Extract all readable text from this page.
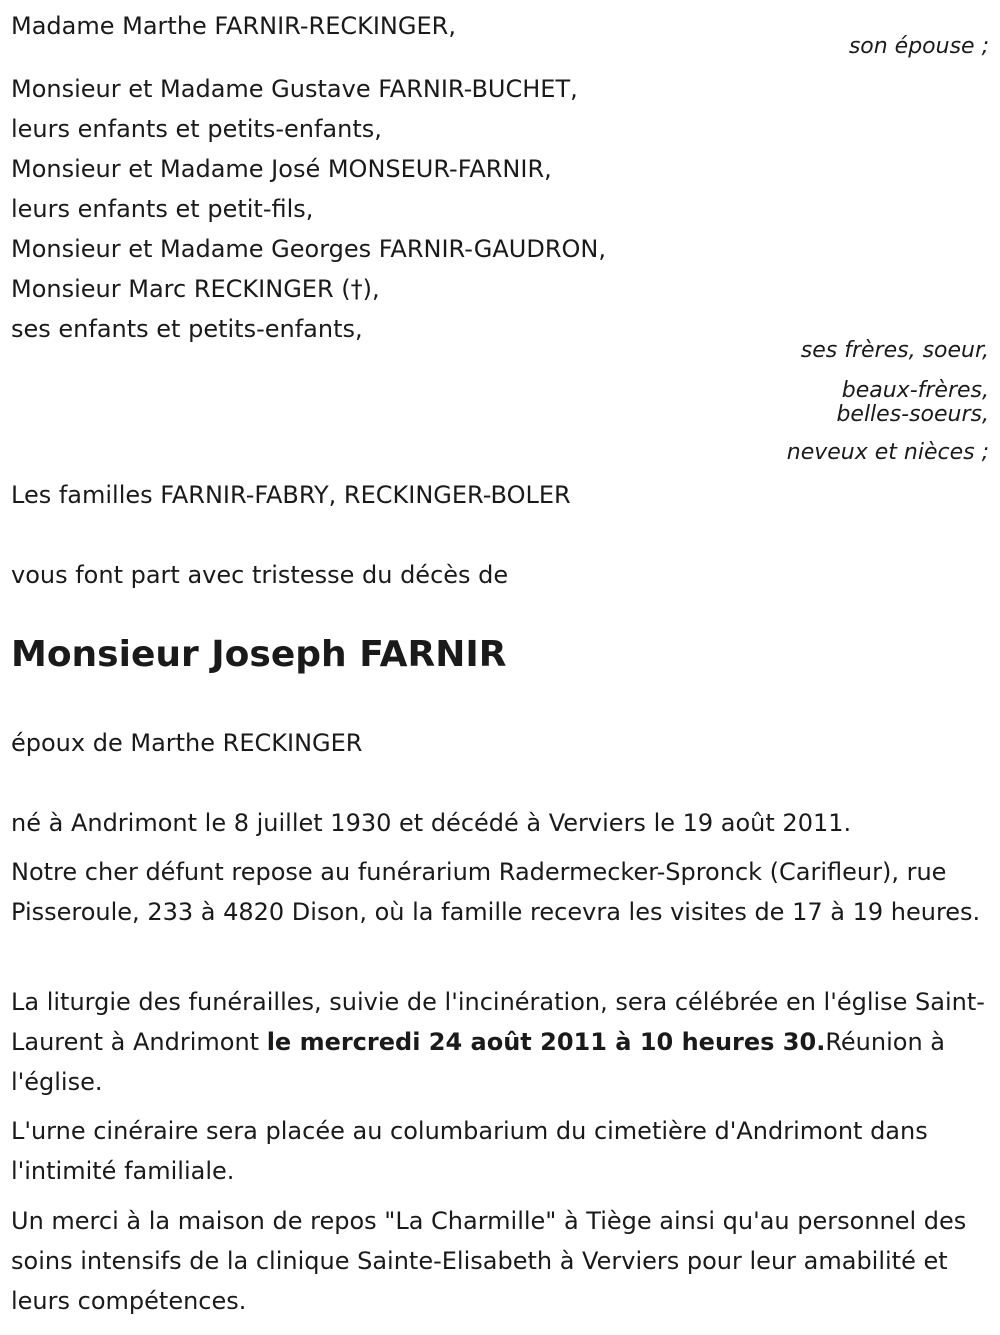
Madame Marthe FARNIR-RECKINGER,
son épouse ;
Monsieur et Madame Gustave FARNIR-BUCHET,
leurs enfants et petits-enfants,
Monsieur et Madame José MONSEUR-FARNIR,
leurs enfants et petit-fils,
Monsieur et Madame Georges FARNIR-GAUDRON,
Monsieur Marc RECKINGER (†),
ses enfants et petits-enfants,
ses frères, soeur,
beaux-frères,
belles-soeurs,
neveux et nièces ;
Les familles FARNIR-FABRY, RECKINGER-BOLER
vous font part avec tristesse du décès de
Monsieur Joseph FARNIR
époux de Marthe RECKINGER
né à Andrimont le 8 juillet 1930 et décédé à Verviers le 19 août 2011.
Notre cher défunt repose au funérarium Radermecker-Spronck (Carifleur), rue Pisseroule, 233 à 4820 Dison, où la famille recevra les visites de 17 à 19 heures.
La liturgie des funérailles, suivie de l'incinération, sera célébrée en l'église Saint-Laurent à Andrimont le mercredi 24 août 2011 à 10 heures 30.Réunion à l'église.
L'urne cinéraire sera placée au columbarium du cimetière d'Andrimont dans l'intimité familiale.
Un merci à la maison de repos "La Charmille" à Tiège ainsi qu'au personnel des soins intensifs de la clinique Sainte-Elisabeth à Verviers pour leur amabilité et leurs compétences.
